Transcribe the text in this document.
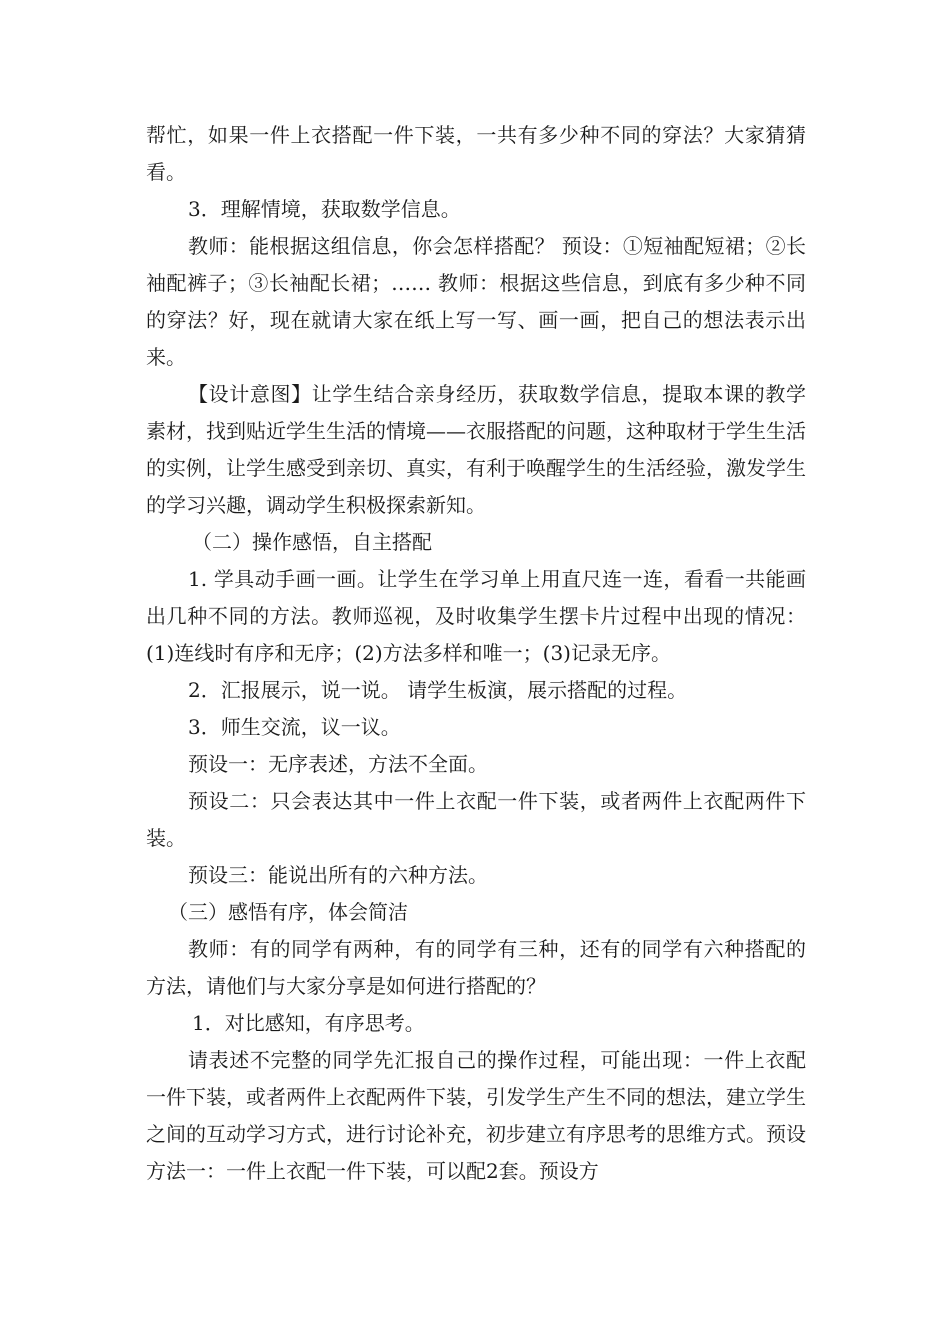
帮忙，如果一件上衣搭配一件下装，一共有多少种不同的穿法？大家猜猜看。

3．理解情境，获取数学信息。

教师：能根据这组信息，你会怎样搭配？ 预设：①短袖配短裙；②长袖配裤子；③长袖配长裙；…… 教师：根据这些信息，到底有多少种不同的穿法？好，现在就请大家在纸上写一写、画一画，把自己的想法表示出来。

【设计意图】让学生结合亲身经历，获取数学信息，提取本课的教学素材，找到贴近学生生活的情境——衣服搭配的问题，这种取材于学生生活的实例，让学生感受到亲切、真实，有利于唤醒学生的生活经验，激发学生的学习兴趣，调动学生积极探索新知。

（二）操作感悟，自主搭配

1. 学具动手画一画。让学生在学习单上用直尺连一连，看看一共能画出几种不同的方法。教师巡视，及时收集学生摆卡片过程中出现的情况：(1)连线时有序和无序；(2)方法多样和唯一；(3)记录无序。

2．汇报展示，说一说。 请学生板演，展示搭配的过程。

3．师生交流，议一议。

预设一：无序表述，方法不全面。

预设二：只会表达其中一件上衣配一件下装，或者两件上衣配两件下装。

预设三：能说出所有的六种方法。

（三）感悟有序，体会简洁

教师：有的同学有两种，有的同学有三种，还有的同学有六种搭配的方法，请他们与大家分享是如何进行搭配的？

1．对比感知，有序思考。

请表述不完整的同学先汇报自己的操作过程，可能出现：一件上衣配一件下装，或者两件上衣配两件下装，引发学生产生不同的想法，建立学生之间的互动学习方式，进行讨论补充，初步建立有序思考的思维方式。预设方法一：一件上衣配一件下装，可以配2套。预设方
